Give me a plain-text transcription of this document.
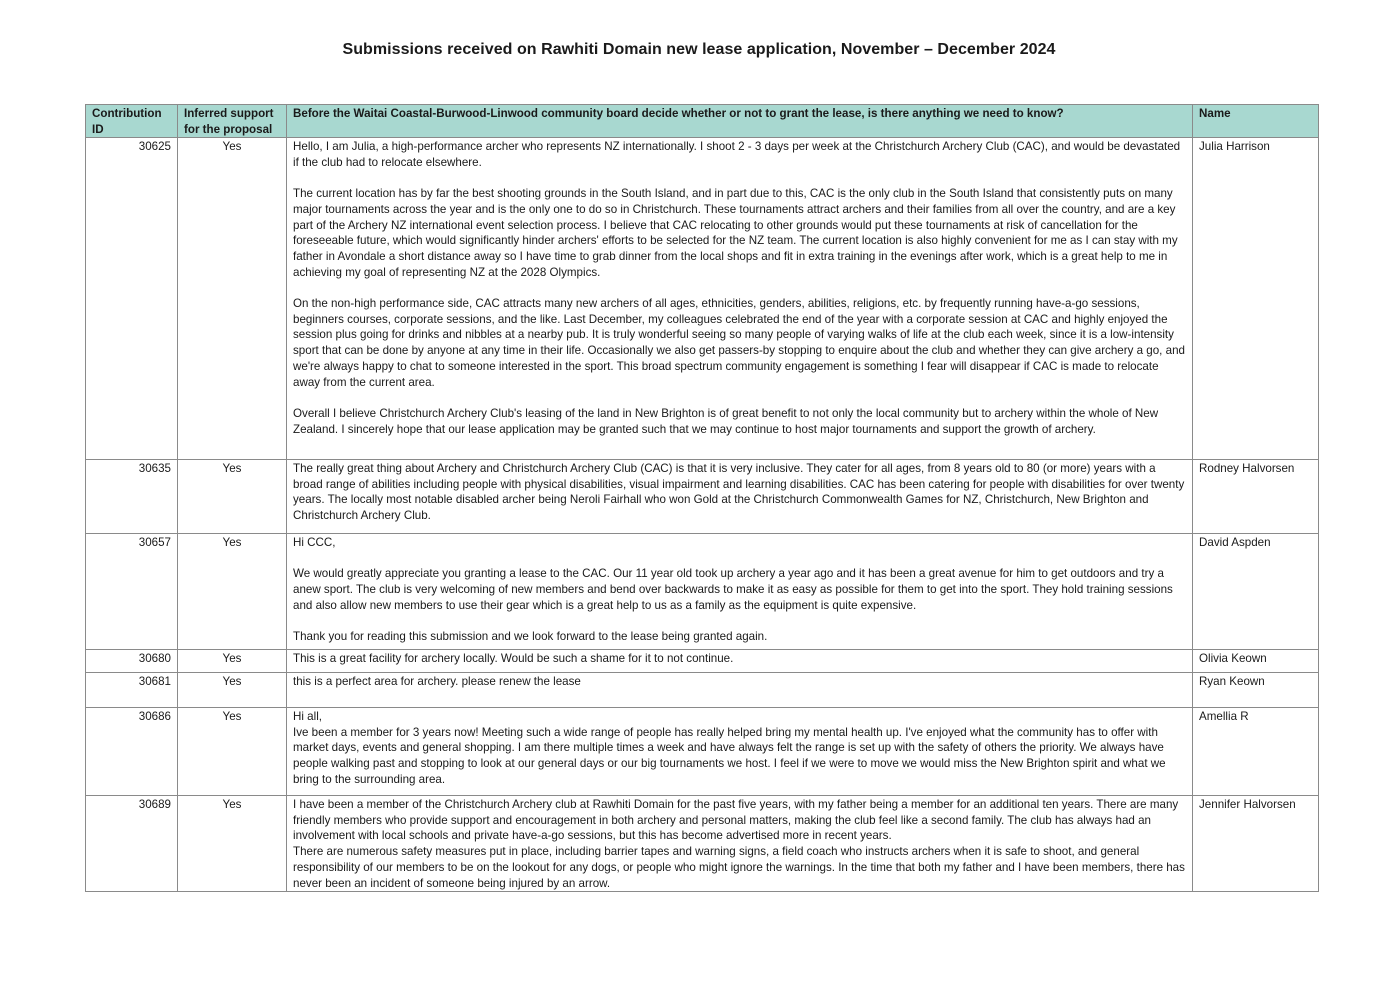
Submissions received on Rawhiti Domain new lease application, November – December 2024
Contribution ID	Inferred support for the proposal	Before the Waitai Coastal-Burwood-Linwood community board decide whether or not to grant the lease, is there anything we need to know?	Name
30625	Yes	Hello, I am Julia, a high-performance archer who represents NZ internationally. I shoot 2 - 3 days per week at the Christchurch Archery Club (CAC), and would be devastated if the club had to relocate elsewhere.

The current location has by far the best shooting grounds in the South Island, and in part due to this, CAC is the only club in the South Island that consistently puts on many major tournaments across the year and is the only one to do so in Christchurch. These tournaments attract archers and their families from all over the country, and are a key part of the Archery NZ international event selection process. I believe that CAC relocating to other grounds would put these tournaments at risk of cancellation for the foreseeable future, which would significantly hinder archers' efforts to be selected for the NZ team. The current location is also highly convenient for me as I can stay with my father in Avondale a short distance away so I have time to grab dinner from the local shops and fit in extra training in the evenings after work, which is a great help to me in achieving my goal of representing NZ at the 2028 Olympics.

On the non-high performance side, CAC attracts many new archers of all ages, ethnicities, genders, abilities, religions, etc. by frequently running have-a-go sessions, beginners courses, corporate sessions, and the like. Last December, my colleagues celebrated the end of the year with a corporate session at CAC and highly enjoyed the session plus going for drinks and nibbles at a nearby pub. It is truly wonderful seeing so many people of varying walks of life at the club each week, since it is a low-intensity sport that can be done by anyone at any time in their life. Occasionally we also get passers-by stopping to enquire about the club and whether they can give archery a go, and we're always happy to chat to someone interested in the sport. This broad spectrum community engagement is something I fear will disappear if CAC is made to relocate away from the current area.

Overall I believe Christchurch Archery Club's leasing of the land in New Brighton is of great benefit to not only the local community but to archery within the whole of New Zealand. I sincerely hope that our lease application may be granted such that we may continue to host major tournaments and support the growth of archery.	Julia Harrison
30635	Yes	The really great thing about Archery and Christchurch Archery Club (CAC) is that it is very inclusive. They cater for all ages, from 8 years old to 80 (or more) years with a broad range of abilities including people with physical disabilities, visual impairment and learning disabilities. CAC has been catering for people with disabilities for over twenty years. The locally most notable disabled archer being Neroli Fairhall who won Gold at the Christchurch Commonwealth Games for NZ, Christchurch, New Brighton and Christchurch Archery Club.	Rodney Halvorsen
30657	Yes	Hi CCC,

We would greatly appreciate you granting a lease to the CAC. Our 11 year old took up archery a year ago and it has been a great avenue for him to get outdoors and try a anew sport. The club is very welcoming of new members and bend over backwards to make it as easy as possible for them to get into the sport. They hold training sessions and also allow new members to use their gear which is a great help to us as a family as the equipment is quite expensive.

Thank you for reading this submission and we look forward to the lease being granted again.	David Aspden
30680	Yes	This is a great facility for archery locally. Would be such a shame for it to not continue.	Olivia Keown
30681	Yes	this is a perfect area for archery. please renew the lease	Ryan Keown
30686	Yes	Hi all,

Ive been a member for 3 years now! Meeting such a wide range of people has really helped bring my mental health up. I've enjoyed what the community has to offer with market days, events and general shopping. I am there multiple times a week and have always felt the range is set up with the safety of others the priority. We always have people walking past and stopping to look at our general days or our big tournaments we host. I feel if we were to move we would miss the New Brighton spirit and what we bring to the surrounding area.	Amellia R
30689	Yes	I have been a member of the Christchurch Archery club at Rawhiti Domain for the past five years, with my father being a member for an additional ten years. There are many friendly members who provide support and encouragement in both archery and personal matters, making the club feel like a second family. The club has always had an involvement with local schools and private have-a-go sessions, but this has become advertised more in recent years.

There are numerous safety measures put in place, including barrier tapes and warning signs, a field coach who instructs archers when it is safe to shoot, and general responsibility of our members to be on the lookout for any dogs, or people who might ignore the warnings. In the time that both my father and I have been members, there has never been an incident of someone being injured by an arrow.	Jennifer Halvorsen
